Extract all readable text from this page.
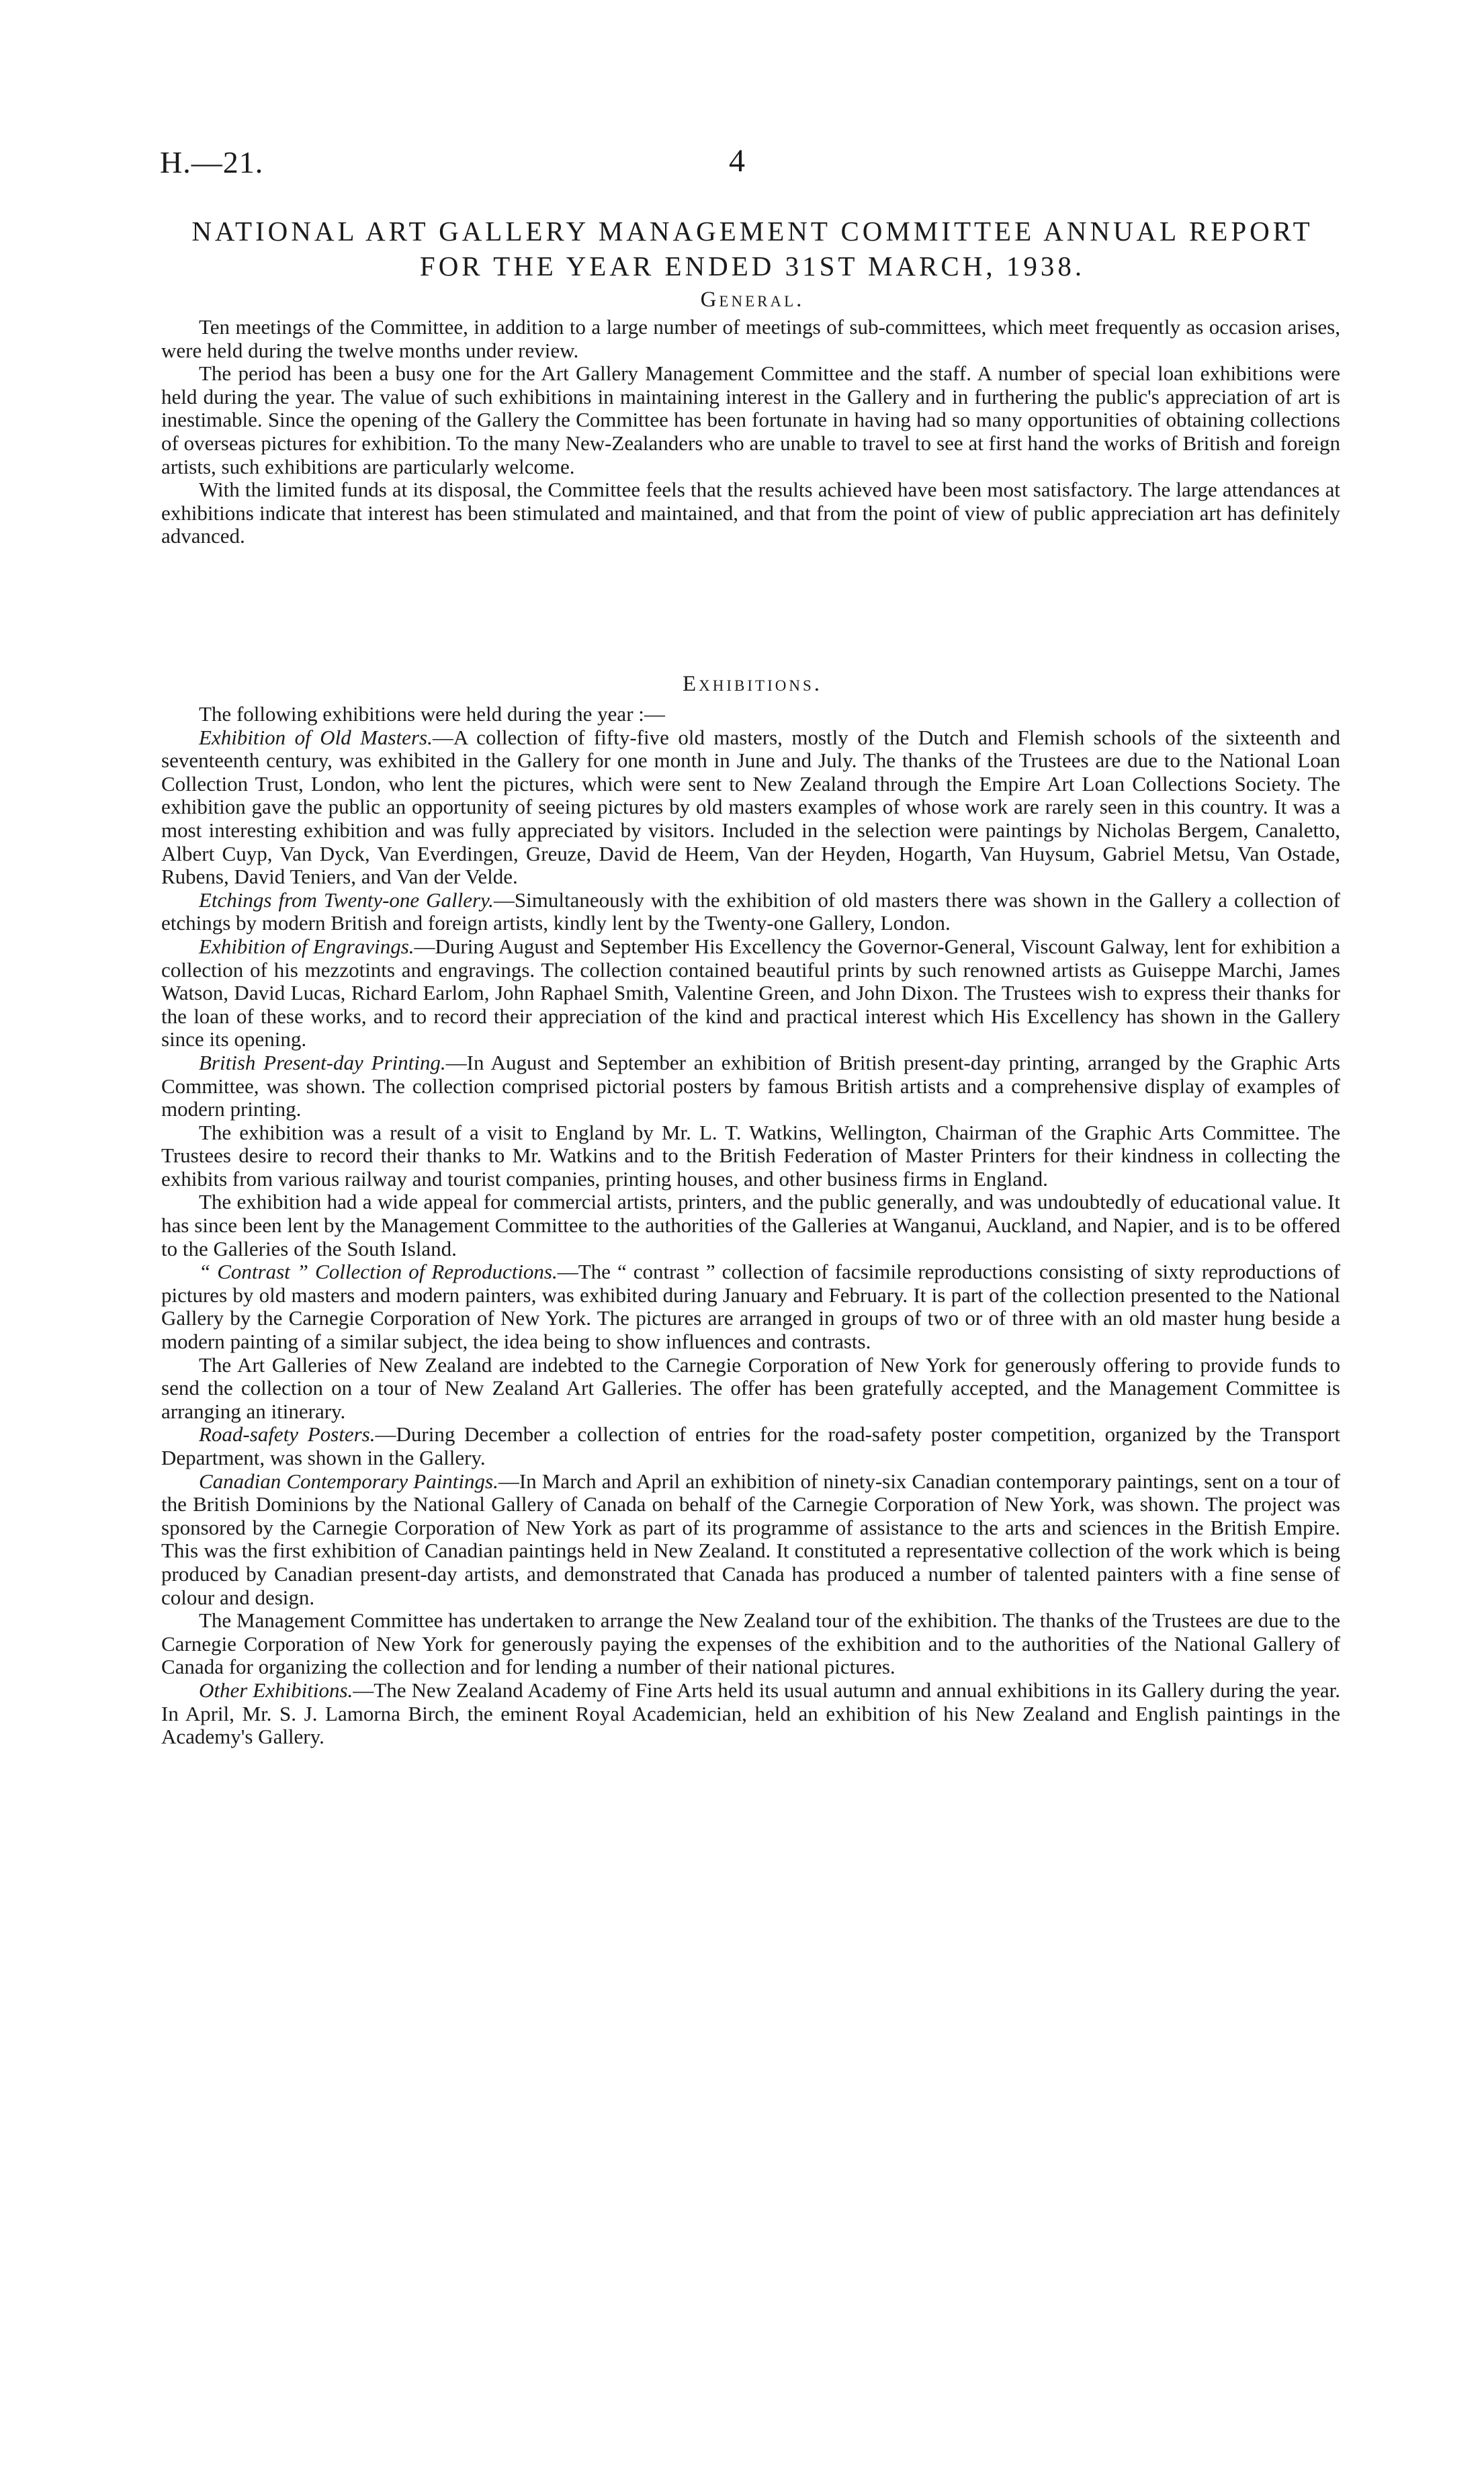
H.—21.	4
NATIONAL ART GALLERY MANAGEMENT COMMITTEE ANNUAL REPORT FOR THE YEAR ENDED 31ST MARCH, 1938.
General.

Ten meetings of the Committee, in addition to a large number of meetings of sub-committees, which meet frequently as occasion arises, were held during the twelve months under review.

The period has been a busy one for the Art Gallery Management Committee and the staff. A number of special loan exhibitions were held during the year. The value of such exhibitions in maintaining interest in the Gallery and in furthering the public's appreciation of art is inestimable. Since the opening of the Gallery the Committee has been fortunate in having had so many opportunities of obtaining collections of overseas pictures for exhibition. To the many New-Zealanders who are unable to travel to see at first hand the works of British and foreign artists, such exhibitions are particularly welcome.

With the limited funds at its disposal, the Committee feels that the results achieved have been most satisfactory. The large attendances at exhibitions indicate that interest has been stimulated and maintained, and that from the point of view of public appreciation art has definitely advanced.

Exhibitions.

The following exhibitions were held during the year :—

Exhibition of Old Masters.—A collection of fifty-five old masters, mostly of the Dutch and Flemish schools of the sixteenth and seventeenth century, was exhibited in the Gallery for one month in June and July. The thanks of the Trustees are due to the National Loan Collection Trust, London, who lent the pictures, which were sent to New Zealand through the Empire Art Loan Collections Society. The exhibition gave the public an opportunity of seeing pictures by old masters examples of whose work are rarely seen in this country. It was a most interesting exhibition and was fully appreciated by visitors. Included in the selection were paintings by Nicholas Bergem, Canaletto, Albert Cuyp, Van Dyck, Van Everdingen, Greuze, David de Heem, Van der Heyden, Hogarth, Van Huysum, Gabriel Metsu, Van Ostade, Rubens, David Teniers, and Van der Velde.

Etchings from Twenty-one Gallery.—Simultaneously with the exhibition of old masters there was shown in the Gallery a collection of etchings by modern British and foreign artists, kindly lent by the Twenty-one Gallery, London.

Exhibition of Engravings.—During August and September His Excellency the Governor-General, Viscount Galway, lent for exhibition a collection of his mezzotints and engravings. The collection contained beautiful prints by such renowned artists as Guiseppe Marchi, James Watson, David Lucas, Richard Earlom, John Raphael Smith, Valentine Green, and John Dixon. The Trustees wish to express their thanks for the loan of these works, and to record their appreciation of the kind and practical interest which His Excellency has shown in the Gallery since its opening.

British Present-day Printing.—In August and September an exhibition of British present-day printing, arranged by the Graphic Arts Committee, was shown. The collection comprised pictorial posters by famous British artists and a comprehensive display of examples of modern printing.

The exhibition was a result of a visit to England by Mr. L. T. Watkins, Wellington, Chairman of the Graphic Arts Committee. The Trustees desire to record their thanks to Mr. Watkins and to the British Federation of Master Printers for their kindness in collecting the exhibits from various railway and tourist companies, printing houses, and other business firms in England.

The exhibition had a wide appeal for commercial artists, printers, and the public generally, and was undoubtedly of educational value. It has since been lent by the Management Committee to the authorities of the Galleries at Wanganui, Auckland, and Napier, and is to be offered to the Galleries of the South Island.

“ Contrast ” Collection of Reproductions.—The “ contrast ” collection of facsimile reproductions consisting of sixty reproductions of pictures by old masters and modern painters, was exhibited during January and February. It is part of the collection presented to the National Gallery by the Carnegie Corporation of New York. The pictures are arranged in groups of two or of three with an old master hung beside a modern painting of a similar subject, the idea being to show influences and contrasts.

The Art Galleries of New Zealand are indebted to the Carnegie Corporation of New York for generously offering to provide funds to send the collection on a tour of New Zealand Art Galleries. The offer has been gratefully accepted, and the Management Committee is arranging an itinerary.

Road-safety Posters.—During December a collection of entries for the road-safety poster competition, organized by the Transport Department, was shown in the Gallery.

Canadian Contemporary Paintings.—In March and April an exhibition of ninety-six Canadian contemporary paintings, sent on a tour of the British Dominions by the National Gallery of Canada on behalf of the Carnegie Corporation of New York, was shown. The project was sponsored by the Carnegie Corporation of New York as part of its programme of assistance to the arts and sciences in the British Empire. This was the first exhibition of Canadian paintings held in New Zealand. It constituted a representative collection of the work which is being produced by Canadian present-day artists, and demonstrated that Canada has produced a number of talented painters with a fine sense of colour and design.

The Management Committee has undertaken to arrange the New Zealand tour of the exhibition. The thanks of the Trustees are due to the Carnegie Corporation of New York for generously paying the expenses of the exhibition and to the authorities of the National Gallery of Canada for organizing the collection and for lending a number of their national pictures.

Other Exhibitions.—The New Zealand Academy of Fine Arts held its usual autumn and annual exhibitions in its Gallery during the year. In April, Mr. S. J. Lamorna Birch, the eminent Royal Academician, held an exhibition of his New Zealand and English paintings in the Academy's Gallery.
